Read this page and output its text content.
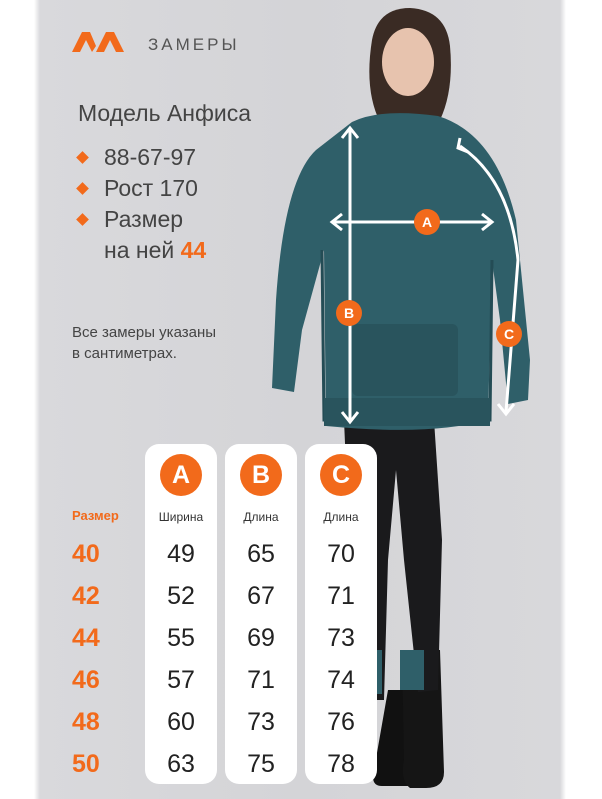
A
B
C
ЗАМЕРЫ
Модель Анфиса
88-67-97
Рост 170
Размер
на ней 44
Все замеры указаны
в сантиметрах.
Размер
40
42
44
46
48
50
A
Ширина
49
52
55
57
60
63
B
Длина
65
67
69
71
73
75
C
Длина
70
71
73
74
76
78
